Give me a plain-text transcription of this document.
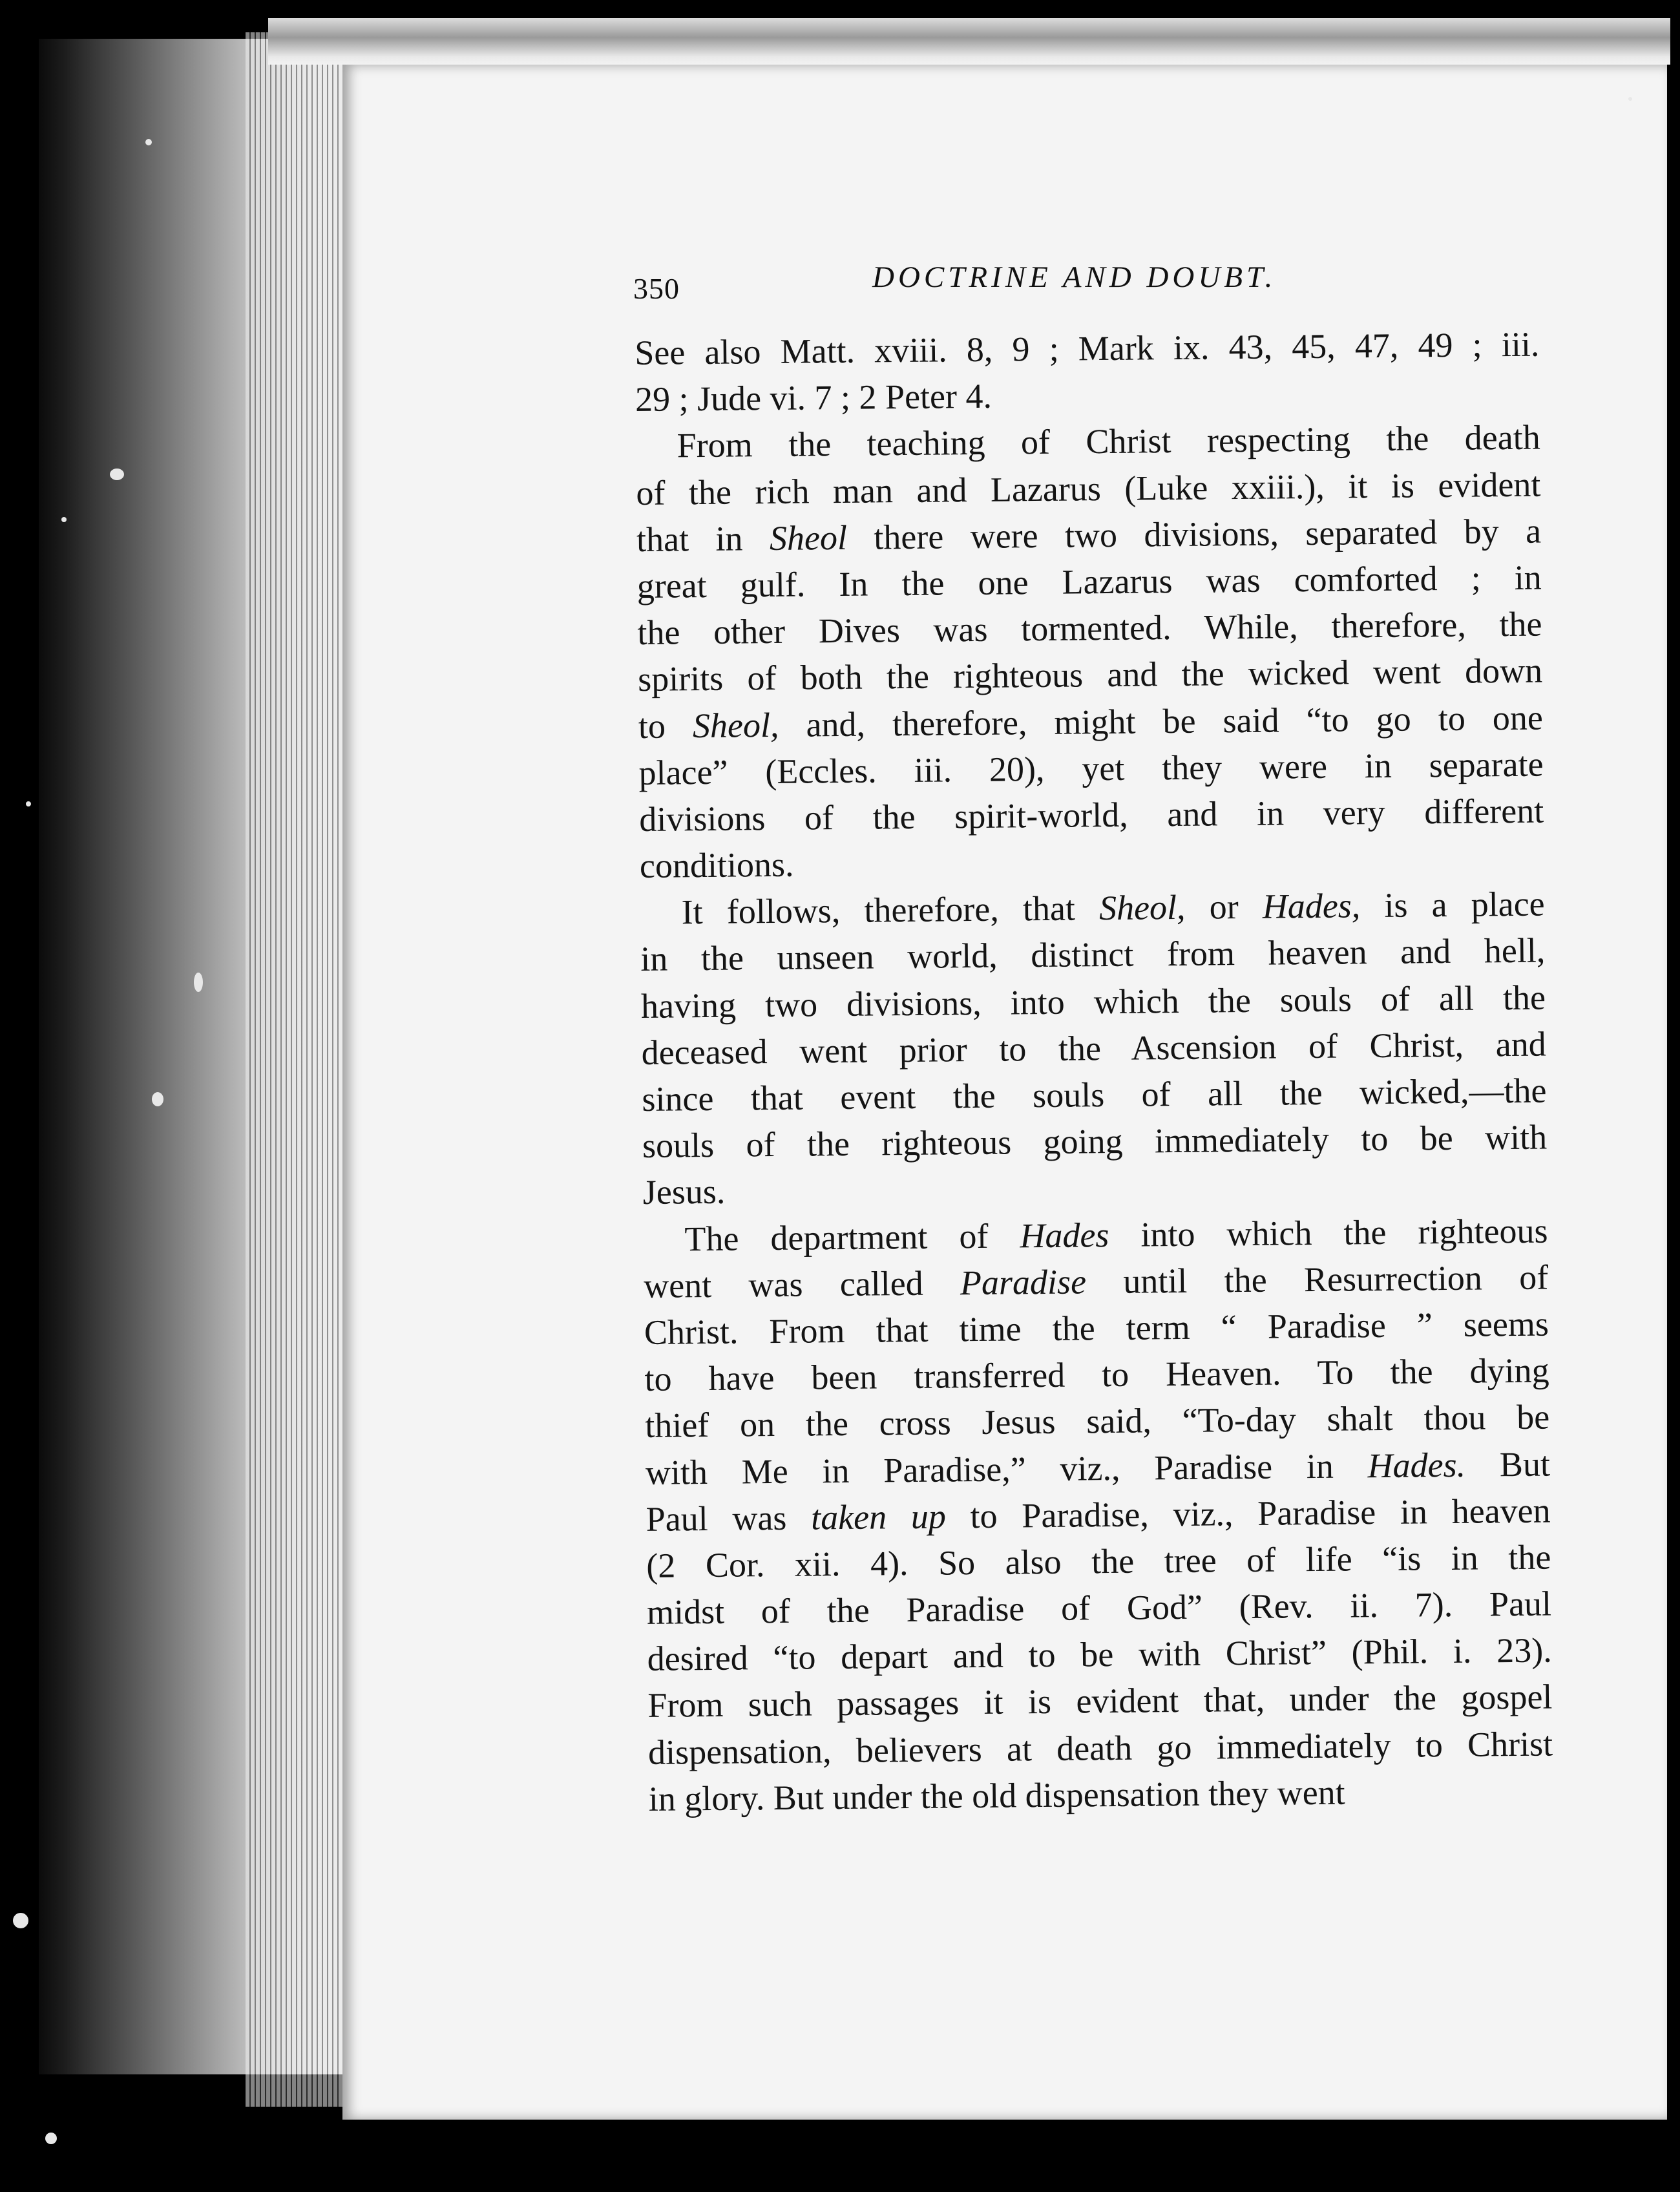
350	DOCTRINE AND DOUBT.
See also Matt. xviii. 8, 9 ; Mark ix. 43, 45, 47, 49 ; iii.
29 ; Jude vi. 7 ; 2 Peter 4.
From the teaching of Christ respecting the death
of the rich man and Lazarus (Luke xxiii.), it is evident
that in Sheol there were two divisions, separated by a
great gulf. In the one Lazarus was comforted ; in
the other Dives was tormented. While, therefore, the
spirits of both the righteous and the wicked went down
to Sheol, and, therefore, might be said “to go to one
place” (Eccles. iii. 20), yet they were in separate
divisions of the spirit-world, and in very different
conditions.
It follows, therefore, that Sheol, or Hades, is a place
in the unseen world, distinct from heaven and hell,
having two divisions, into which the souls of all the
deceased went prior to the Ascension of Christ, and
since that event the souls of all the wicked,—the
souls of the righteous going immediately to be with
Jesus.
The department of Hades into which the righteous
went was called Paradise until the Resurrection of
Christ. From that time the term “ Paradise ” seems
to have been transferred to Heaven. To the dying
thief on the cross Jesus said, “To-day shalt thou be
with Me in Paradise,” viz., Paradise in Hades. But
Paul was taken up to Paradise, viz., Paradise in heaven
(2 Cor. xii. 4). So also the tree of life “is in the
midst of the Paradise of God” (Rev. ii. 7). Paul
desired “to depart and to be with Christ” (Phil. i. 23).
From such passages it is evident that, under the gospel
dispensation, believers at death go immediately to Christ
in glory. But under the old dispensation they went
